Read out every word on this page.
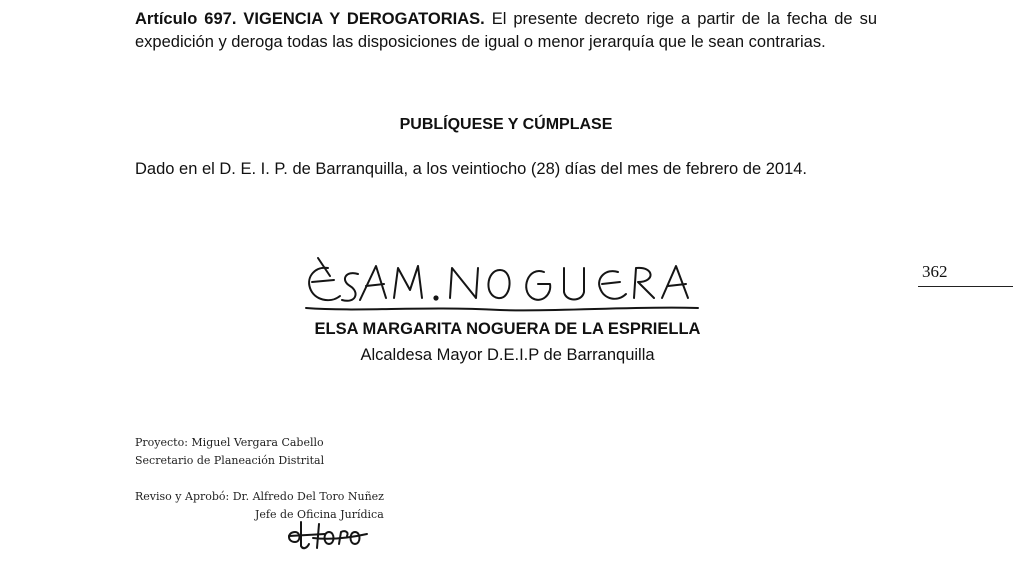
Artículo 697. VIGENCIA Y DEROGATORIAS. El presente decreto rige a partir de la fecha de su expedición y deroga todas las disposiciones de igual o menor jerarquía que le sean contrarias.

PUBLÍQUESE Y CÚMPLASE
Dado en el D. E. I. P. de Barranquilla, a los veintiocho (28) días del mes de febrero de 2014.
ELSA MARGARITA NOGUERA DE LA ESPRIELLA
Alcaldesa Mayor D.E.I.P de Barranquilla
362
Proyecto: Miguel Vergara Cabello
Secretario de Planeación Distrital
Reviso y Aprobó: Dr. Alfredo Del Toro Nuñez
Jefe de Oficina Jurídica
